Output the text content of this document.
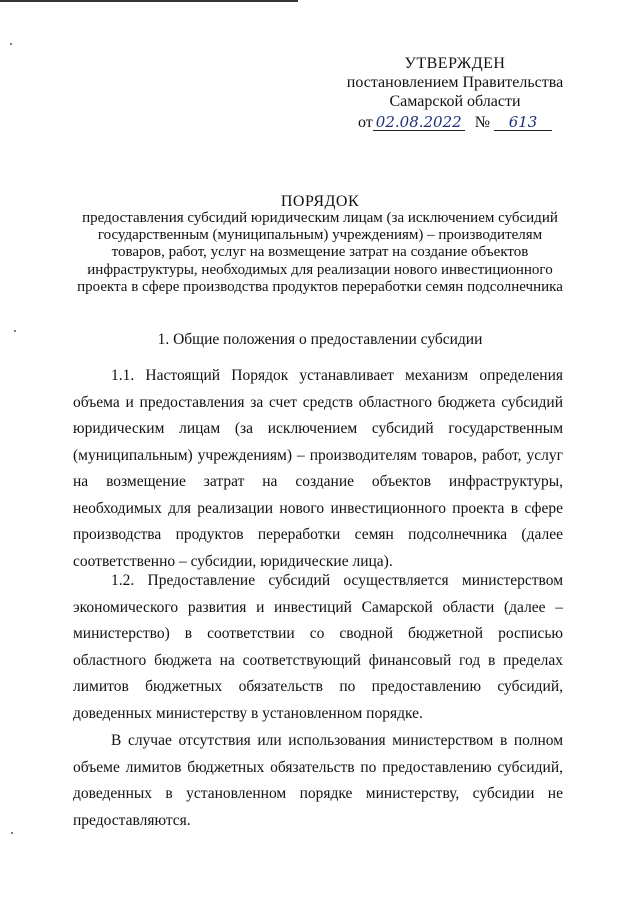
УТВЕРЖДЕН
постановлением Правительства
Самарской области
от 02.08.2022 № 613
ПОРЯДОК
предоставления субсидий юридическим лицам (за исключением субсидий государственным (муниципальным) учреждениям) – производителям товаров, работ, услуг на возмещение затрат на создание объектов инфраструктуры, необходимых для реализации нового инвестиционного проекта в сфере производства продуктов переработки семян подсолнечника
1. Общие положения о предоставлении субсидии

1.1. Настоящий Порядок устанавливает механизм определения объема и предоставления за счет средств областного бюджета субсидий юридическим лицам (за исключением субсидий государственным (муниципальным) учреждениям) – производителям товаров, работ, услуг на возмещение затрат на создание объектов инфраструктуры, необходимых для реализации нового инвестиционного проекта в сфере производства продуктов переработки семян подсолнечника (далее соответственно – субсидии, юридические лица).

1.2. Предоставление субсидий осуществляется министерством экономического развития и инвестиций Самарской области (далее – министерство) в соответствии со сводной бюджетной росписью областного бюджета на соответствующий финансовый год в пределах лимитов бюджетных обязательств по предоставлению субсидий, доведенных министерству в установленном порядке.

В случае отсутствия или использования министерством в полном объеме лимитов бюджетных обязательств по предоставлению субсидий, доведенных в установленном порядке министерству, субсидии не предоставляются.
